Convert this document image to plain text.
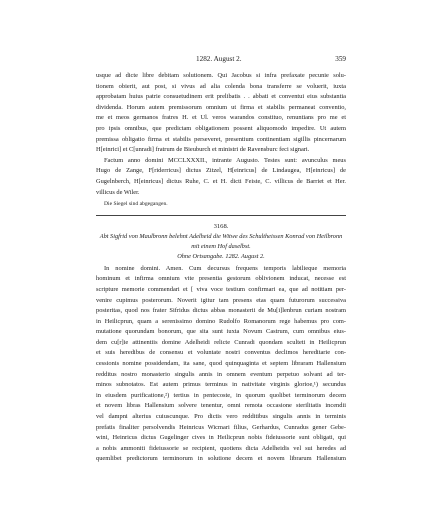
1282. August 2.	359
usque ad dicte libre debitam solutionem. Qui Jacobus si infra prefaxate pecunie solu-
tionem obierit, aut post, si vivus ad alia colenda bona transferre se voluerit, iuxta
approbatam huius patrie consuetudinem erit prelibatis . . abbati et conventui eius substantia
dividenda. Horum autem premissorum omnium ut firma et stabilis permaneat conventio,
me et meos germanos fratres H. et Ul. veros warandos constituo, renuntians pro me et
pro ipsis omnibus, que predictam obligationem possent aliquomodo impedire. Ut autem
premissa obligatio firma et stabilis perseveret, presentium continentiam sigillis pincernarum
H[einrici] et C[unradi] fratrum de Bieuburch et ministri de Ravensburc feci signari.
Factum anno domini MCCLXXXII., intrante Augusto. Testes sunt: avunculus meus
Hugo de Zange, F[riderricus] dictus Zitzel, H[einricus] de Lindaugea, H[einricus] de
Gugelnberch, H[einricus] dictus Ruhe, C. et H. dicti Feiste, C. villicus de Barriet et Her.
villicus de Wiler.
Die Siegel sind abgegangen.
3168.
Abt Sigfrid von Maulbronn belehnt Adelheid die Witwe des Schultheissen Konrad von Heilbronn
mit einem Hof daselbst.
Ohne Ortsangabe. 1282. August 2.
In nomine domini. Amen. Cum decursus frequens temporis labilieque memoria
hominum et infirma omnium vite presentia gestorum oblivionem inducat, necesse est
scripture memorie commendari et [ viva voce testium confirmari ea, que ad notitiam per-
venire cupimus posterorum. Noverit igitur tam presens etas quam futurorum successiva
posteritas, quod nos frater Sifridus dictus abbas monasterii de Mu[i]lenbrun curiam nostram
in Heilicprun, quam a serenissimo domino Rudolfo Romanorum rege habemus pro com-
mutatione quorundam bonorum, que sita sunt iuxta Novum Castrum, cum omnibus eius-
dem cu[r]ie attinentiis domine Adelheidi relicte Cunradi quondam sculteti in Heilicprun
et suis heredibus de consensu et voluntate nostri conventus declimos hereditarie con-
cessionis nomine possidendam, ita sane, quod quinquaginta et septem libraram Hallensium
redditus nostro monasterio singulis annis in omnem eventum perpetuo solvant ad ter-
minos subnotatos. Est autem primus terminus in nativitate virginis glorioe,¹) secundus
in eiusdem purificatione,²) tertius in pentecoste, in quorum quolibet terminorum decem
et novem libras Hallensium solvere tenentur, omni remota occasione sterilitatis incendii
vel dampni alterius cuiuscunque. Pro dictis vero redditibus singulis annis in terminis
prefatis finaliter persolvendis Heinricus Wicmari filius, Gerhardus, Cunradus gener Gebe-
wini, Heinricus dictus Gugelinger cives in Heilicprun nobis fideiussorie sunt obligati, qui
a nobis ammoniti fideiussorie se recipient, quotiens dicta Adelheidis vel sui heredes ad
quemlibet predictorum terminorum in solutione decem et novem librarum Hallensium
